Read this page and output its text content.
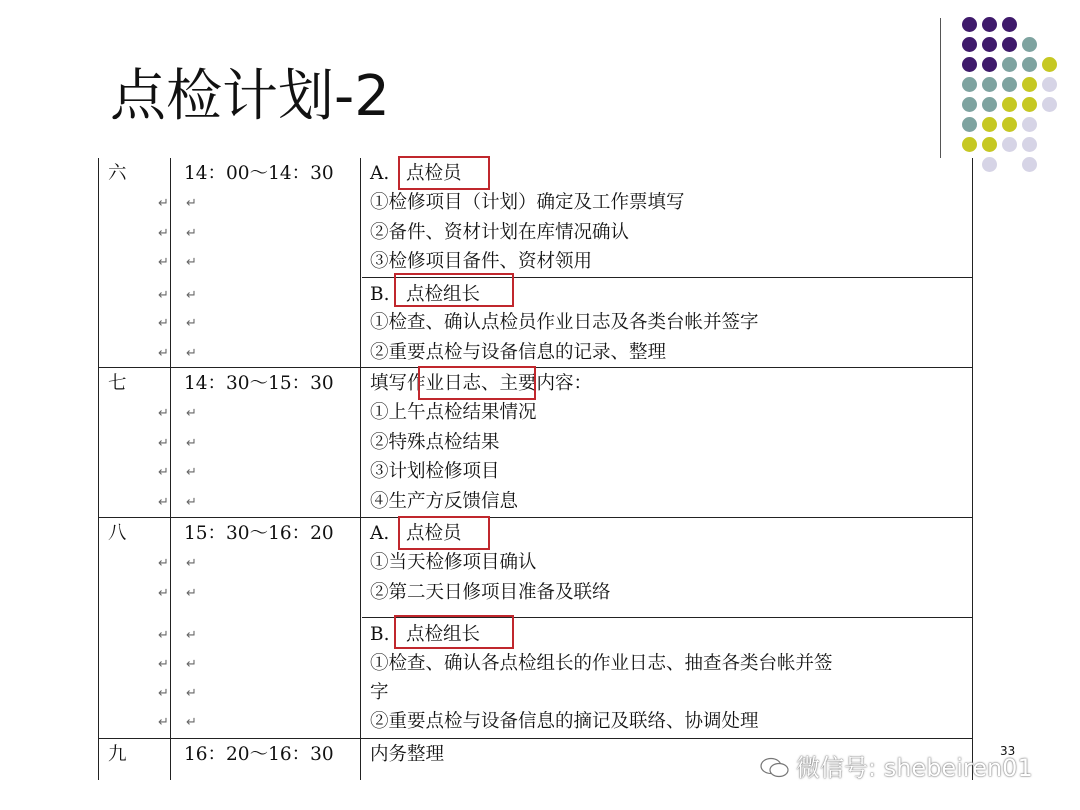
点检计划-2
六	14：00～14：30 A. 点检员
①检修项目（计划）确定及工作票填写
②备件、资材计划在库情况确认
③检修项目备件、资材领用
B. 点检组长
①检查、确认点检员作业日志及各类台帐并签字
②重要点检与设备信息的记录、整理
七	14：30～15：30 填写作业日志、主要内容：
①上午点检结果情况
②特殊点检结果
③计划检修项目
④生产方反馈信息
八	15：30～16：20 A. 点检员
①当天检修项目确认
②第二天日修项目准备及联络
B. 点检组长
①检查、确认各点检组长的作业日志、抽查各类台帐并签
字
②重要点检与设备信息的摘记及联络、协调处理
九	16：20～16：30 内务整理
↵ ↵
↵ ↵
↵ ↵
↵ ↵
↵ ↵
↵ ↵
↵ ↵
↵ ↵
↵ ↵
↵ ↵
↵ ↵
↵ ↵
↵ ↵
↵ ↵
↵ ↵
↵ ↵
33
微信号: shebeiren01
